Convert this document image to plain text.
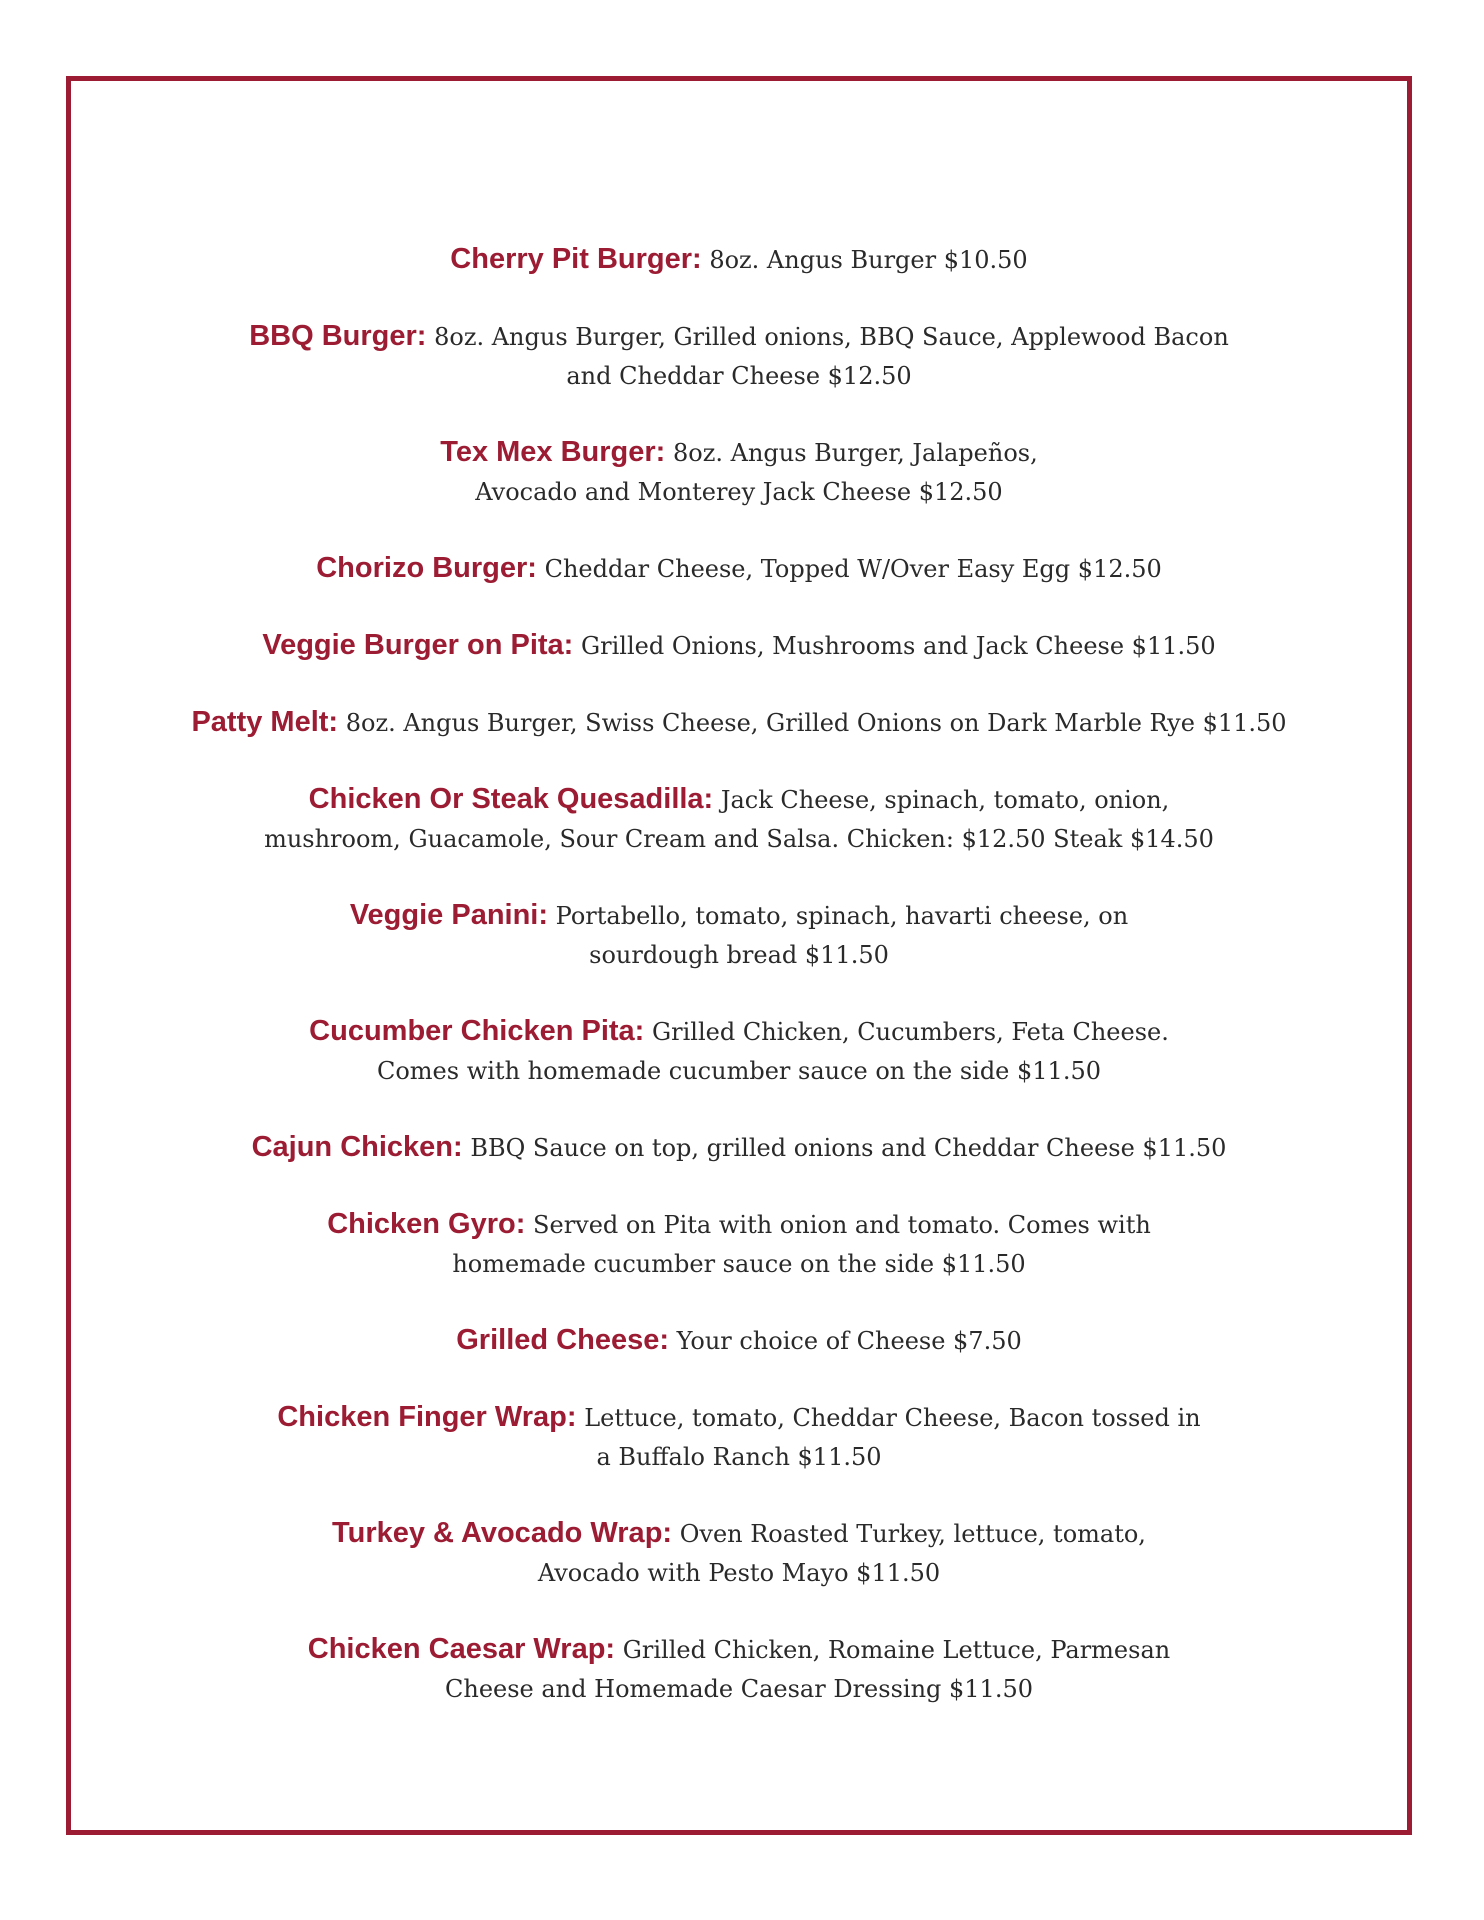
Cherry Pit Burger: 8oz. Angus Burger $10.50
BBQ Burger: 8oz. Angus Burger, Grilled onions, BBQ Sauce, Applewood Bacon
and Cheddar Cheese $12.50
Tex Mex Burger: 8oz. Angus Burger, Jalapeños,
Avocado and Monterey Jack Cheese $12.50
Chorizo Burger: Cheddar Cheese, Topped W/Over Easy Egg $12.50
Veggie Burger on Pita: Grilled Onions, Mushrooms and Jack Cheese $11.50
Patty Melt: 8oz. Angus Burger, Swiss Cheese, Grilled Onions on Dark Marble Rye $11.50
Chicken Or Steak Quesadilla: Jack Cheese, spinach, tomato, onion,
mushroom, Guacamole, Sour Cream and Salsa. Chicken: $12.50 Steak $14.50
Veggie Panini: Portabello, tomato, spinach, havarti cheese, on
sourdough bread $11.50
Cucumber Chicken Pita: Grilled Chicken, Cucumbers, Feta Cheese.
Comes with homemade cucumber sauce on the side $11.50
Cajun Chicken: BBQ Sauce on top, grilled onions and Cheddar Cheese $11.50
Chicken Gyro: Served on Pita with onion and tomato. Comes with
homemade cucumber sauce on the side $11.50
Grilled Cheese: Your choice of Cheese $7.50
Chicken Finger Wrap: Lettuce, tomato, Cheddar Cheese, Bacon tossed in
a Buffalo Ranch $11.50
Turkey & Avocado Wrap: Oven Roasted Turkey, lettuce, tomato,
Avocado with Pesto Mayo $11.50
Chicken Caesar Wrap: Grilled Chicken, Romaine Lettuce, Parmesan
Cheese and Homemade Caesar Dressing $11.50
